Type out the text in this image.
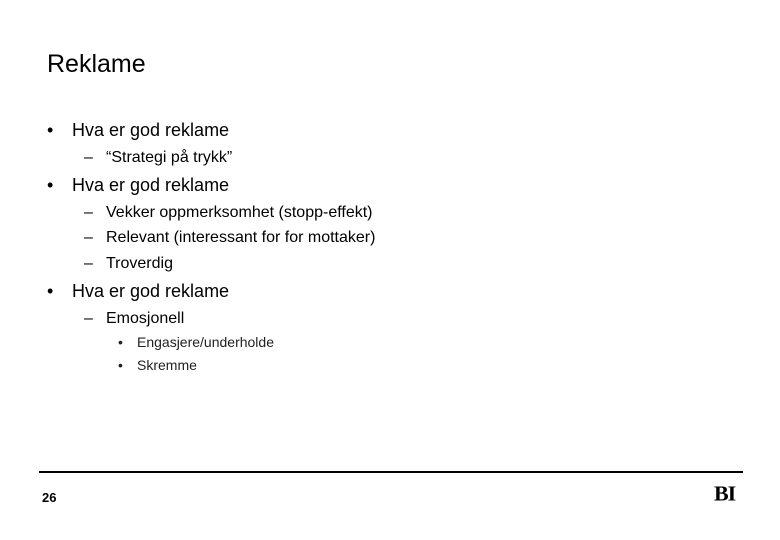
Reklame
• Hva er god reklame
– “Strategi på trykk”
• Hva er god reklame
– Vekker oppmerksomhet (stopp-effekt)
– Relevant (interessant for for mottaker)
– Troverdig
• Hva er god reklame
– Emosjonell
• Engasjere/underholde
• Skremme
26	BI
